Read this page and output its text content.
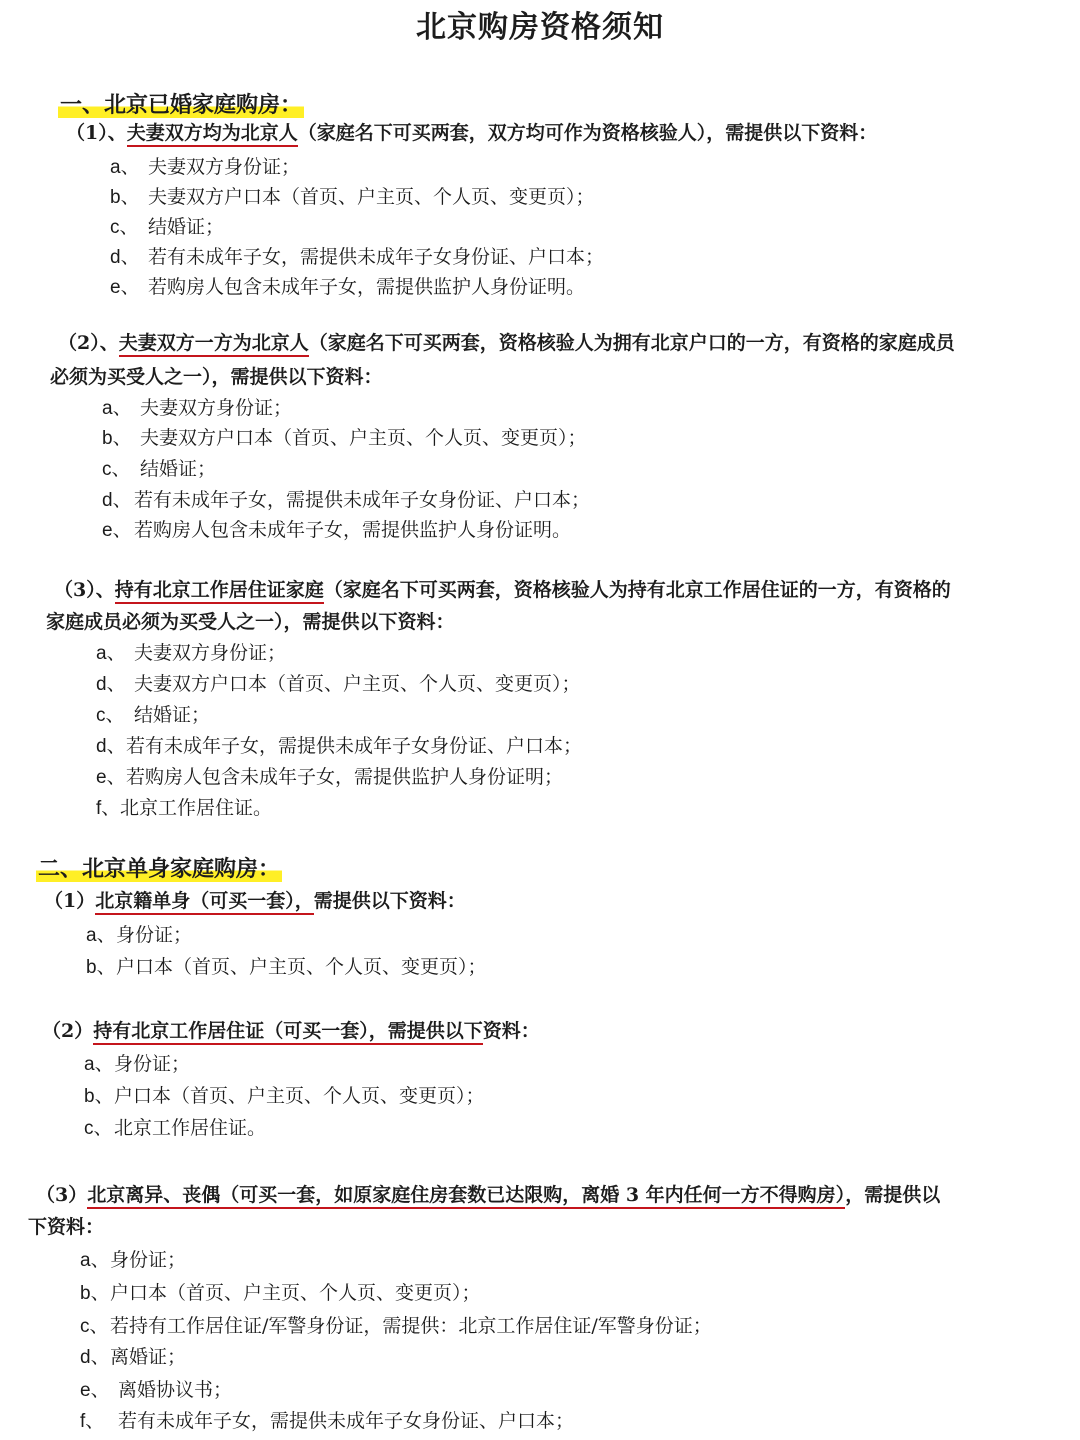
北京购房资格须知
一、北京已婚家庭购房：
（1）、夫妻双方均为北京人（家庭名下可买两套，双方均可作为资格核验人），需提供以下资料：
a、 夫妻双方身份证；
b、 夫妻双方户口本（首页、户主页、个人页、变更页）；
c、 结婚证；
d、 若有未成年子女，需提供未成年子女身份证、户口本；
e、 若购房人包含未成年子女，需提供监护人身份证明。
（2）、夫妻双方一方为北京人（家庭名下可买两套，资格核验人为拥有北京户口的一方，有资格的家庭成员
必须为买受人之一），需提供以下资料：
a、 夫妻双方身份证；
b、 夫妻双方户口本（首页、户主页、个人页、变更页）；
c、 结婚证；
d、 若有未成年子女，需提供未成年子女身份证、户口本；
e、 若购房人包含未成年子女，需提供监护人身份证明。
（3）、持有北京工作居住证家庭（家庭名下可买两套，资格核验人为持有北京工作居住证的一方，有资格的
家庭成员必须为买受人之一），需提供以下资料：
a、 夫妻双方身份证；
d、 夫妻双方户口本（首页、户主页、个人页、变更页）；
c、 结婚证；
d、若有未成年子女，需提供未成年子女身份证、户口本；
e、若购房人包含未成年子女，需提供监护人身份证明；
f、北京工作居住证。
二、北京单身家庭购房：
（1）北京籍单身（可买一套），需提供以下资料：
a、身份证；
b、户口本（首页、户主页、个人页、变更页）；
（2）持有北京工作居住证（可买一套），需提供以下资料：
a、身份证；
b、户口本（首页、户主页、个人页、变更页）；
c、北京工作居住证。
（3）北京离异、丧偶（可买一套，如原家庭住房套数已达限购，离婚 3 年内任何一方不得购房），需提供以
下资料：
a、身份证；
b、户口本（首页、户主页、个人页、变更页）；
c、若持有工作居住证/军警身份证，需提供：北京工作居住证/军警身份证；
d、离婚证；
e、 离婚协议书；
f、 若有未成年子女，需提供未成年子女身份证、户口本；
